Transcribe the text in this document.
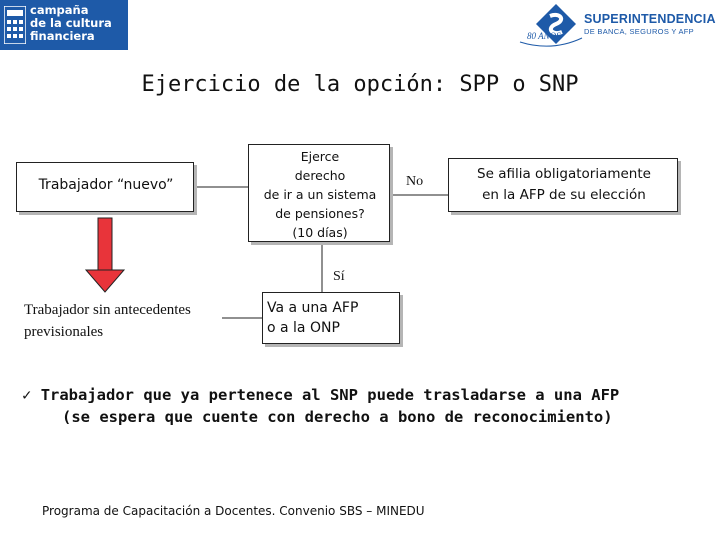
campaña
de la cultura
financiera	80 AÑOS
SUPERINTENDENCIA
DE BANCA, SEGUROS Y AFP
Ejercicio de la opción: SPP o SNP
Trabajador “nuevo”
Ejerce
derecho
de ir a un sistema
de pensiones?
(10 días)
No	Se afilia obligatoriamente
en la AFP de su elección
Sí
Trabajador sin antecedentes
previsionales
Va a una AFP
o a la ONP
✓ Trabajador que ya pertenece al SNP puede trasladarse a una AFP
(se espera que cuente con derecho a bono de reconocimiento)
Programa de Capacitación a Docentes. Convenio SBS – MINEDU
